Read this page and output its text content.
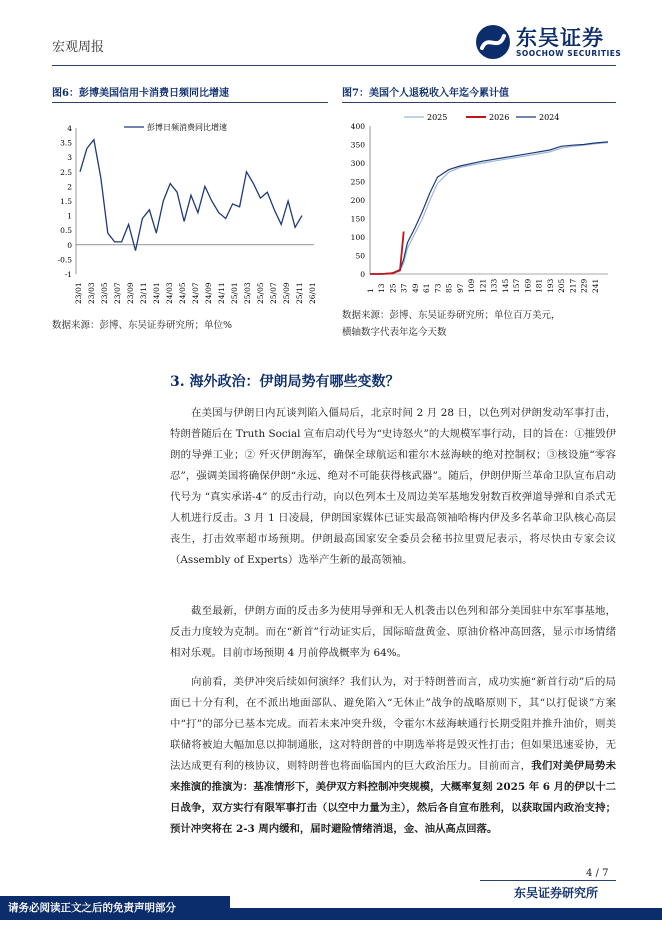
宏观周报	东吴证券
SOOCHOW SECURITIES
图6：彭博美国信用卡消费日频同比增速	图7：美国个人退税收入年迄今累计值
4
3.5
3
2.5
2
1.5
1
0.5
0
-0.5
-1
23/01 23/03 23/05 23/07 23/09 23/11 24/01 24/03 24/05 24/07 24/09 24/11 25/01 25/03 25/05 25/07 25/09 25/11 26/01
彭博日频消费同比增速	400
350
300
250
200
150
100
50
0
1 13 25 37 49 61 73 85 97 109 121 133 145 157 169 181 193 205 217 229 241
2025	2026	2024
数据来源：彭博、东吴证券研究所；单位%
数据来源：彭博、东吴证券研究所；单位百万美元，
横轴数字代表年迄今天数
3. 海外政治：伊朗局势有哪些变数？
在美国与伊朗日内瓦谈判陷入僵局后，北京时间 2 月 28 日，以色列对伊朗发动军事打击，特朗普随后在 Truth Social 宣布启动代号为“史诗怒火”的大规模军事行动，目的旨在：①摧毁伊朗的导弹工业；② 歼灭伊朗海军，确保全球航运和霍尔木兹海峡的绝对控制权；③核设施“零容忍”，强调美国将确保伊朗“永远、绝对不可能获得核武器”。随后，伊朗伊斯兰革命卫队宣布启动代号为 “真实承诺-4” 的反击行动，向以色列本土及周边美军基地发射数百枚弹道导弹和自杀式无人机进行反击。3 月 1 日凌晨，伊朗国家媒体已证实最高领袖哈梅内伊及多名革命卫队核心高层丧生，打击效率超市场预期。伊朗最高国家安全委员会秘书拉里贾尼表示，将尽快由专家会议（Assembly of Experts）选举产生新的最高领袖。
截至最新，伊朗方面的反击多为使用导弹和无人机袭击以色列和部分美国驻中东军事基地，反击力度较为克制。而在“新首”行动证实后，国际暗盘黄金、原油价格冲高回落，显示市场情绪相对乐观。目前市场预期 4 月前停战概率为 64%。
向前看，美伊冲突后续如何演绎？我们认为，对于特朗普而言，成功实施“新首行动”后的局面已十分有利，在不派出地面部队、避免陷入“无休止”战争的战略原则下，其“以打促谈”方案中“打”的部分已基本完成。而若未来冲突升级，令霍尔木兹海峡通行长期受阻并推升油价，则美联储将被迫大幅加息以抑制通胀，这对特朗普的中期选举将是毁灭性打击；但如果迅速妥协，无法达成更有利的核协议，则特朗普也将面临国内的巨大政治压力。目前而言，我们对美伊局势未来推演的推演为：基准情形下，美伊双方料控制冲突规模，大概率复刻 2025 年 6 月的伊以十二日战争，双方实行有限军事打击（以空中力量为主），然后各自宣布胜利，以获取国内政治支持；预计冲突将在 2-3 周内缓和，届时避险情绪消退，金、油从高点回落。
4 / 7
东吴证券研究所
请务必阅读正文之后的免责声明部分
